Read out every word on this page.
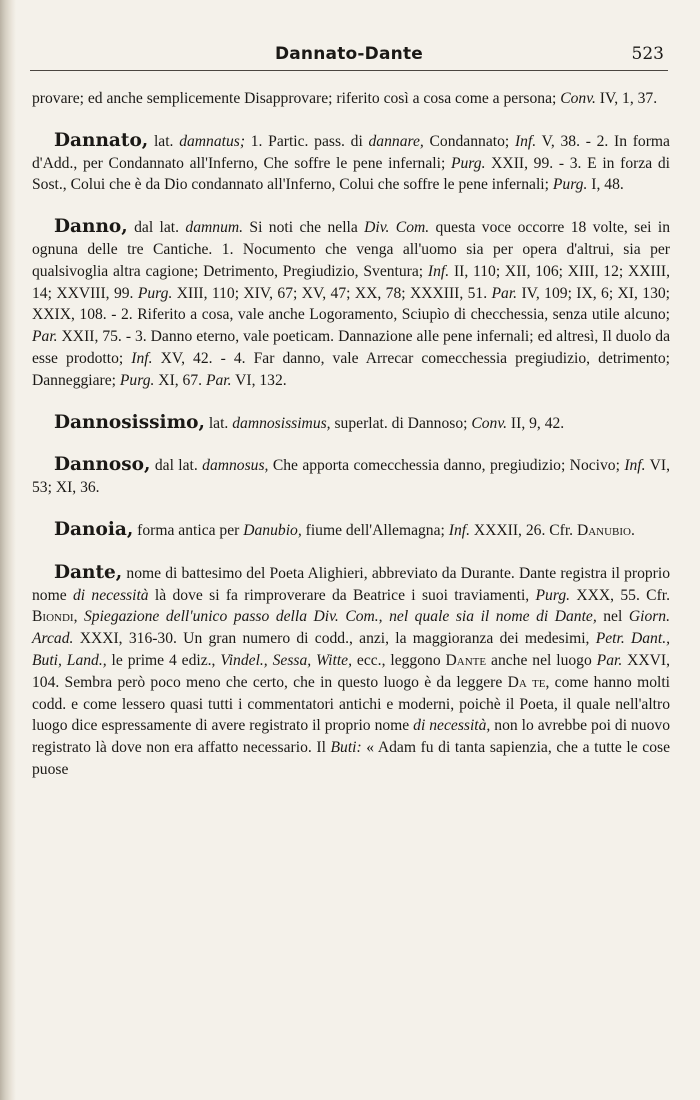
Dannato-Dante	523

provare; ed anche semplicemente Disapprovare; riferito così a cosa come a persona; Conv. IV, 1, 37.

Dannato, lat. damnatus; 1. Partic. pass. di dannare, Condannato; Inf. V, 38. - 2. In forma d'Add., per Condannato all'Inferno, Che soffre le pene infernali; Purg. XXII, 99. - 3. E in forza di Sost., Colui che è da Dio condannato all'Inferno, Colui che soffre le pene infernali; Purg. I, 48.

Danno, dal lat. damnum. Si noti che nella Div. Com. questa voce occorre 18 volte, sei in ognuna delle tre Cantiche. 1. Nocumento che venga all'uomo sia per opera d'altrui, sia per qualsivoglia altra cagione; Detrimento, Pregiudizio, Sventura; Inf. II, 110; XII, 106; XIII, 12; XXIII, 14; XXVIII, 99. Purg. XIII, 110; XIV, 67; XV, 47; XX, 78; XXXIII, 51. Par. IV, 109; IX, 6; XI, 130; XXIX, 108. - 2. Riferito a cosa, vale anche Logoramento, Sciupìo di checchessia, senza utile alcuno; Par. XXII, 75. - 3. Danno eterno, vale poeticam. Dannazione alle pene infernali; ed altresì, Il duolo da esse prodotto; Inf. XV, 42. - 4. Far danno, vale Arrecar comecchessia pregiudizio, detrimento; Danneggiare; Purg. XI, 67. Par. VI, 132.

Dannosissimo, lat. damnosissimus, superlat. di Dannoso; Conv. II, 9, 42.

Dannoso, dal lat. damnosus, Che apporta comecchessia danno, pregiudizio; Nocivo; Inf. VI, 53; XI, 36.

Danoia, forma antica per Danubio, fiume dell'Allemagna; Inf. XXXII, 26. Cfr. Danubio.

Dante, nome di battesimo del Poeta Alighieri, abbreviato da Durante. Dante registra il proprio nome di necessità là dove si fa rimproverare da Beatrice i suoi traviamenti, Purg. XXX, 55. Cfr. Biondi, Spiegazione dell'unico passo della Div. Com., nel quale sia il nome di Dante, nel Giorn. Arcad. XXXI, 316-30. Un gran numero di codd., anzi, la maggioranza dei medesimi, Petr. Dant., Buti, Land., le prime 4 ediz., Vindel., Sessa, Witte, ecc., leggono Dante anche nel luogo Par. XXVI, 104. Sembra però poco meno che certo, che in questo luogo è da leggere Da te, come hanno molti codd. e come lessero quasi tutti i commentatori antichi e moderni, poichè il Poeta, il quale nell'altro luogo dice espressamente di avere registrato il proprio nome di necessità, non lo avrebbe poi di nuovo registrato là dove non era affatto necessario. Il Buti: « Adam fu di tanta sapienzia, che a tutte le cose puose
